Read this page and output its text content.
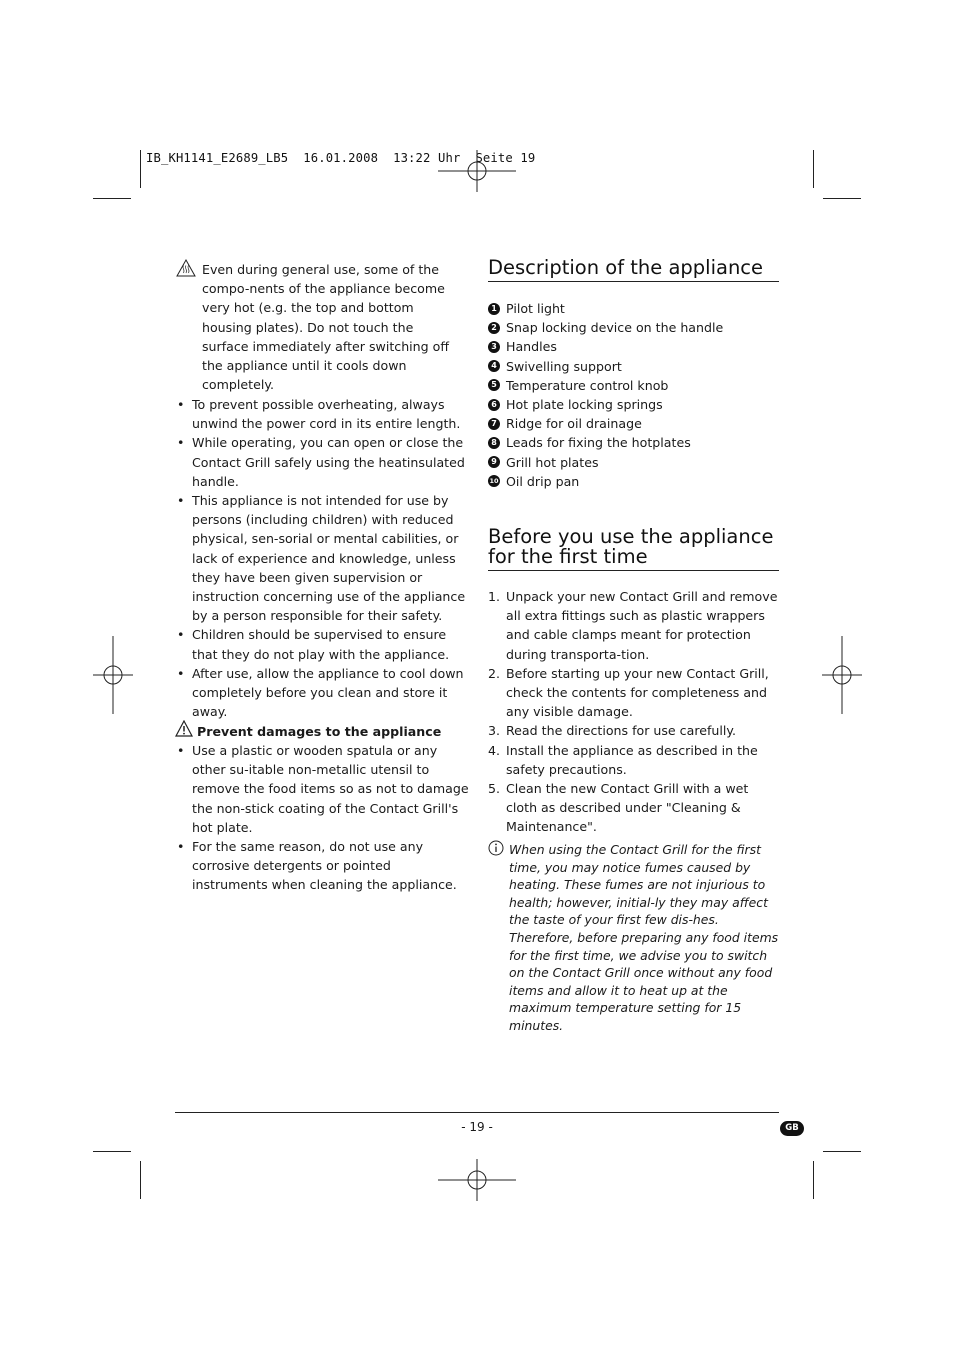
IB_KH1141_E2689_LB5  16.01.2008  13:22 Uhr  Seite 19
Even during general use, some of the compo-nents of the appliance become very hot (e.g. the top and bottom housing plates). Do not touch the surface immediately after switching off the appliance until it cools down completely.
• To prevent possible overheating, always unwind the power cord in its entire length.
• While operating, you can open or close the Contact Grill safely using the heatinsulated handle.
• This appliance is not intended for use by persons (including children) with reduced physical, sen-sorial or mental cabilities, or lack of experience and knowledge, unless they have been given supervision or instruction concerning use of the appliance by a person responsible for their safety.
• Children should be supervised to ensure that they do not play with the appliance.
• After use, allow the appliance to cool down completely before you clean and store it away.
Prevent damages to the appliance
• Use a plastic or wooden spatula or any other su-itable non-metallic utensil to remove the food items so as not to damage the non-stick coating of the Contact Grill's hot plate.
• For the same reason, do not use any corrosive detergents or pointed instruments when cleaning the appliance.
Description of the appliance
1 Pilot light
2 Snap locking device on the handle
3 Handles
4 Swivelling support
5 Temperature control knob
6 Hot plate locking springs
7 Ridge for oil drainage
8 Leads for fixing the hotplates
9 Grill hot plates
10 Oil drip pan
Before you use the appliance
for the first time
1. Unpack your new Contact Grill and remove all extra fittings such as plastic wrappers and cable clamps meant for protection during transporta-tion.
2. Before starting up your new Contact Grill, check the contents for completeness and any visible damage.
3. Read the directions for use carefully.
4. Install the appliance as described in the safety precautions.
5. Clean the new Contact Grill with a wet cloth as described under "Cleaning & Maintenance".
When using the Contact Grill for the first time, you may notice fumes caused by heating. These fumes are not injurious to health; however, initial-ly they may affect the taste of your first few dis-hes. Therefore, before preparing any food items for the first time, we advise you to switch on the Contact Grill once without any food items and allow it to heat up at the maximum temperature setting for 15 minutes.
- 19 -	GB
